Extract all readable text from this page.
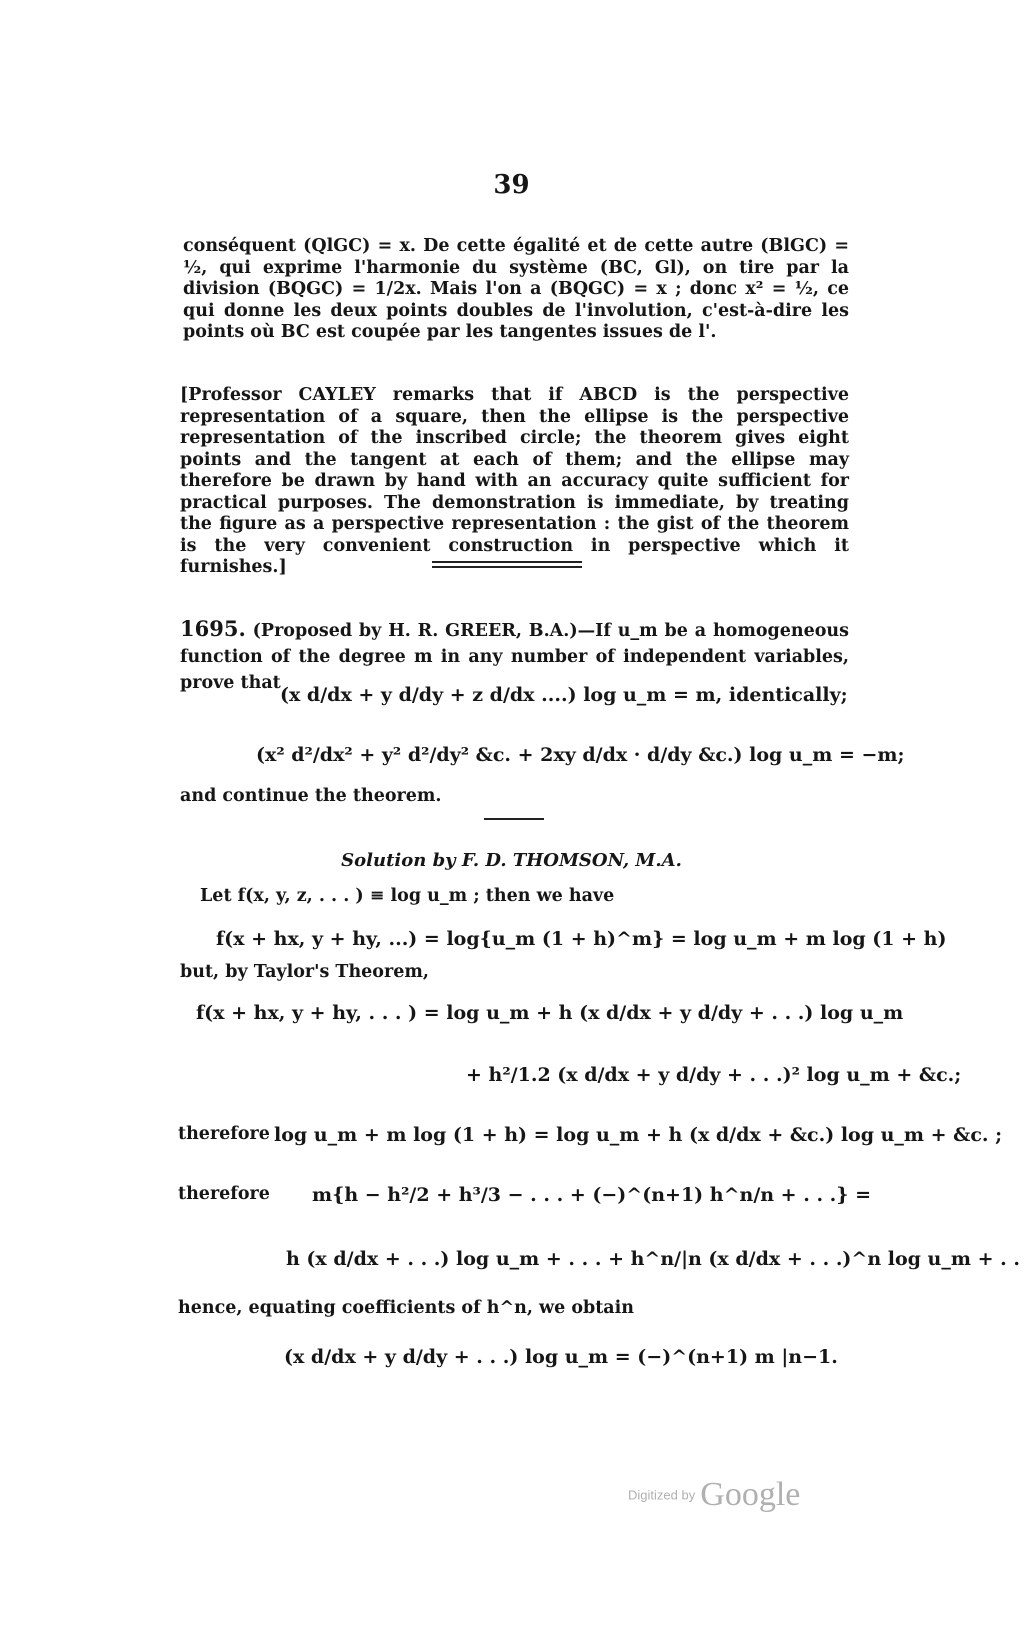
39
conséquent (QlGC) = x. De cette égalité et de cette autre (BlGC) = ½, qui exprime l'harmonie du système (BC, Gl), on tire par la division (BQGC) = 1/2x. Mais l'on a (BQGC) = x ; donc x² = ½, ce qui donne les deux points doubles de l'involution, c'est-à-dire les points où BC est coupée par les tangentes issues de l'.
[Professor CAYLEY remarks that if ABCD is the perspective representation of a square, then the ellipse is the perspective representation of the inscribed circle; the theorem gives eight points and the tangent at each of them; and the ellipse may therefore be drawn by hand with an accuracy quite sufficient for practical purposes. The demonstration is immediate, by treating the figure as a perspective representation : the gist of the theorem is the very convenient construction in perspective which it furnishes.]
1695. (Proposed by H. R. GREER, B.A.)—If u_m be a homogeneous function of the degree m in any number of independent variables, prove that
(x d/dx + y d/dy + z d/dx ....) log u_m = m, identically;
(x² d²/dx² + y² d²/dy² &c. + 2xy d/dx · d/dy &c.) log u_m = −m;
and continue the theorem.
Solution by F. D. THOMSON, M.A.
Let f(x, y, z, . . . ) ≡ log u_m ; then we have
f(x + hx, y + hy, ...) = log{u_m (1 + h)^m} = log u_m + m log (1 + h)
but, by Taylor's Theorem,
f(x + hx, y + hy, . . . ) = log u_m + h (x d/dx + y d/dy + . . .) log u_m
+ h²/1.2 (x d/dx + y d/dy + . . .)² log u_m + &c.;
therefore log u_m + m log (1 + h) = log u_m + h (x d/dx + &c.) log u_m + &c. ;
therefore m{h − h²/2 + h³/3 − . . . + (−)^(n+1) h^n/n + . . .} =
h (x d/dx + . . .) log u_m + . . . + h^n/|n (x d/dx + . . .)^n log u_m + . .
hence, equating coefficients of h^n, we obtain
(x d/dx + y d/dy + . . .) log u_m = (−)^(n+1) m |n−1.
Digitized by Google
